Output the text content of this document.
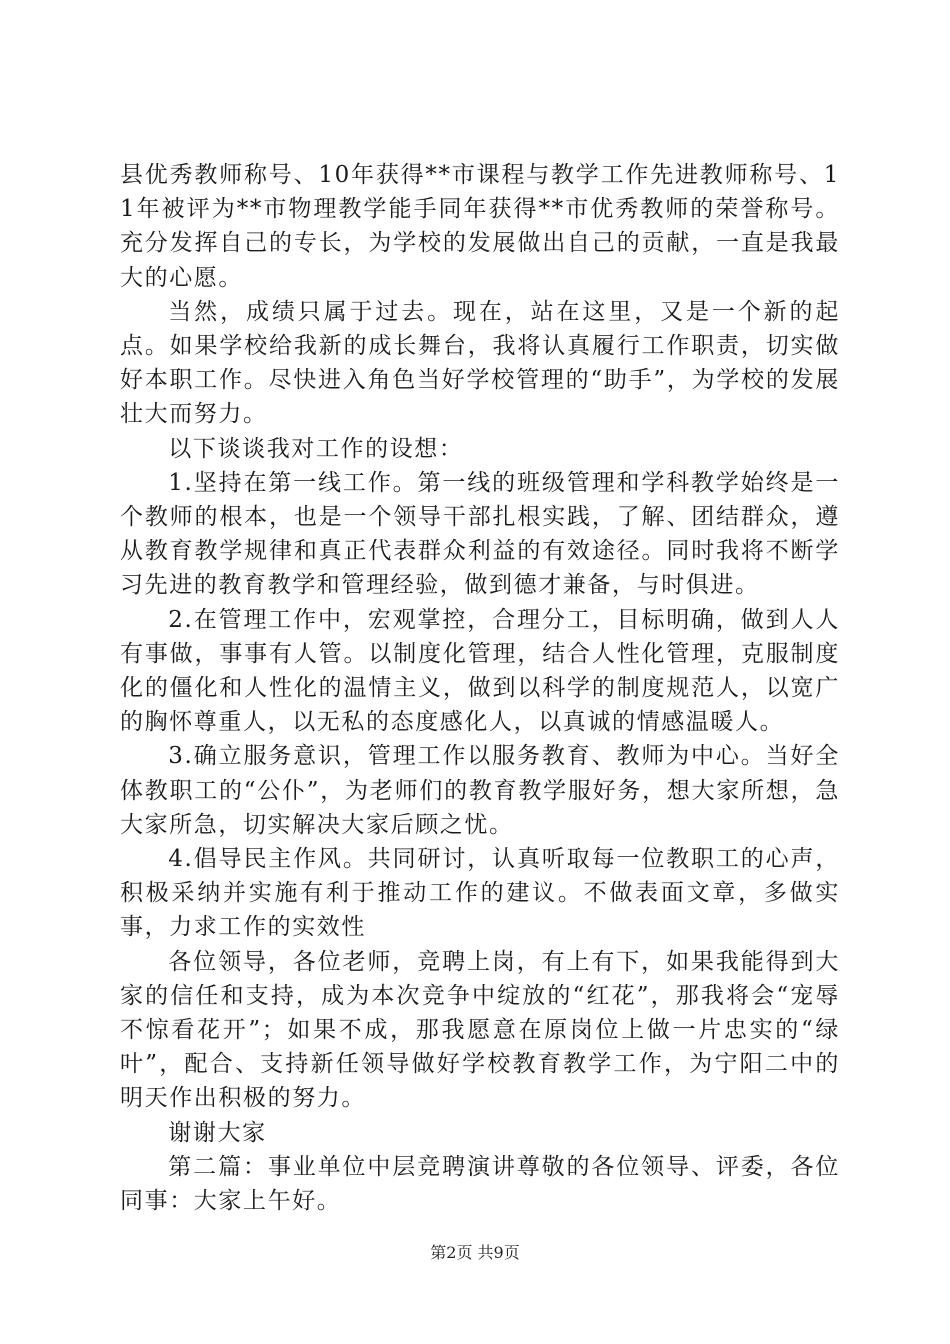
县优秀教师称号、10年获得**市课程与教学工作先进教师称号、11年被评为**市物理教学能手同年获得**市优秀教师的荣誉称号。充分发挥自己的专长，为学校的发展做出自己的贡献，一直是我最大的心愿。

当然，成绩只属于过去。现在，站在这里，又是一个新的起点。如果学校给我新的成长舞台，我将认真履行工作职责，切实做好本职工作。尽快进入角色当好学校管理的“助手”，为学校的发展壮大而努力。

以下谈谈我对工作的设想：

1.坚持在第一线工作。第一线的班级管理和学科教学始终是一个教师的根本，也是一个领导干部扎根实践，了解、团结群众，遵从教育教学规律和真正代表群众利益的有效途径。同时我将不断学习先进的教育教学和管理经验，做到德才兼备，与时俱进。

2.在管理工作中，宏观掌控，合理分工，目标明确，做到人人有事做，事事有人管。以制度化管理，结合人性化管理，克服制度化的僵化和人性化的温情主义，做到以科学的制度规范人，以宽广的胸怀尊重人，以无私的态度感化人，以真诚的情感温暖人。

3.确立服务意识，管理工作以服务教育、教师为中心。当好全体教职工的“公仆”，为老师们的教育教学服好务，想大家所想，急大家所急，切实解决大家后顾之忧。

4.倡导民主作风。共同研讨，认真听取每一位教职工的心声，积极采纳并实施有利于推动工作的建议。不做表面文章，多做实事，力求工作的实效性

各位领导，各位老师，竞聘上岗，有上有下，如果我能得到大家的信任和支持，成为本次竞争中绽放的“红花”，那我将会“宠辱不惊看花开”；如果不成，那我愿意在原岗位上做一片忠实的“绿叶”，配合、支持新任领导做好学校教育教学工作，为宁阳二中的明天作出积极的努力。

谢谢大家

第二篇：事业单位中层竞聘演讲尊敬的各位领导、评委，各位同事：大家上午好。

第2页 共9页
